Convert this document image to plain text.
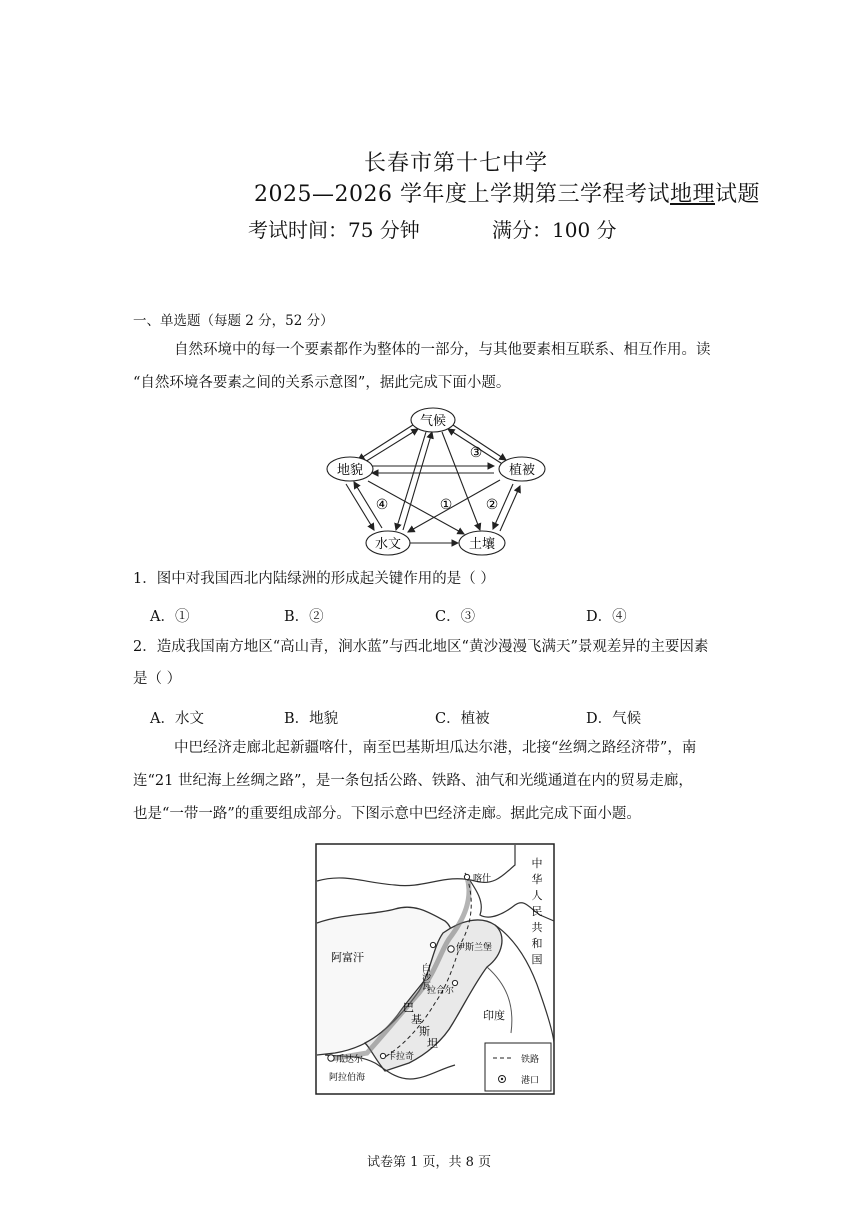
长春市第十七中学
2025—2026 学年度上学期第三学程考试地理试题
考试时间：75 分钟	满分：100 分
一、单选题（每题 2 分，52 分）
自然环境中的每一个要素都作为整体的一部分，与其他要素相互联系、相互作用。读
“自然环境各要素之间的关系示意图”，据此完成下面小题。
气候
地貌	植被
水文	土壤
① ②
③
④
1．图中对我国西北内陆绿洲的形成起关键作用的是（ ）
A．①	B．②	C．③	D．④
2．造成我国南方地区“高山青，涧水蓝”与西北地区“黄沙漫漫飞满天”景观差异的主要因素
是（ ）
A．水文	B．地貌	C．植被	D．气候
中巴经济走廊北起新疆喀什，南至巴基斯坦瓜达尔港，北接“丝绸之路经济带”，南
连“21 世纪海上丝绸之路”，是一条包括公路、铁路、油气和光缆通道在内的贸易走廊，
也是“一带一路”的重要组成部分。下图示意中巴经济走廊。据此完成下面小题。
喀什
伊斯兰堡
白沙瓦
拉合尔
卡拉奇
瓜达尔
阿富汗
印度
阿拉伯海
巴
基
斯
坦
中
华
人
民
共
和
国
铁路
港口
试卷第 1 页，共 8 页
